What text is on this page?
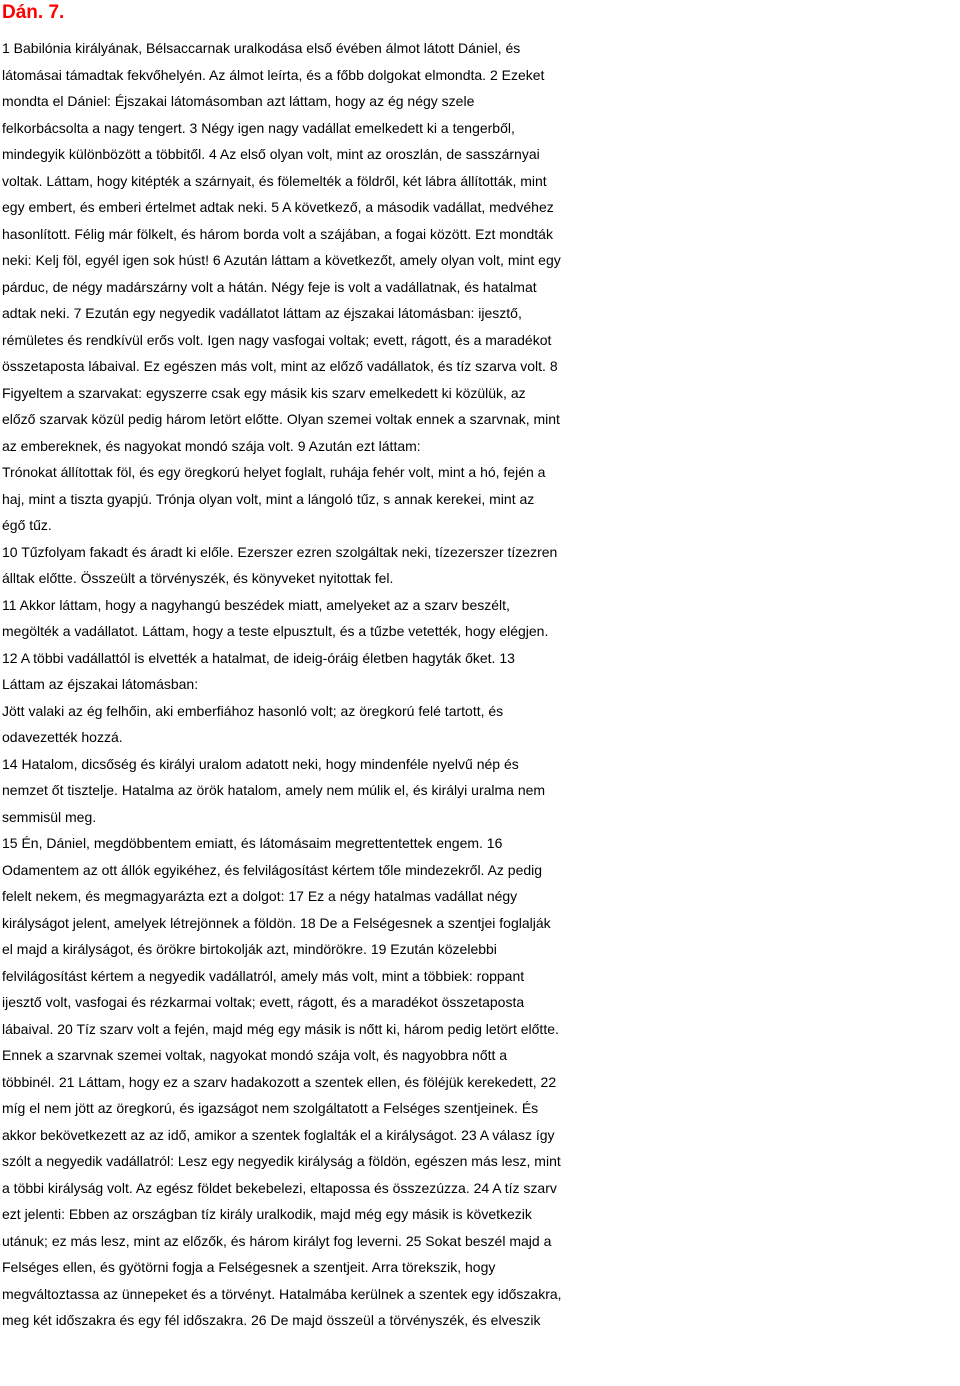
Dán. 7.
1 Babilónia királyának, Bélsaccarnak uralkodása első évében álmot látott Dániel, és
látomásai támadtak fekvőhelyén. Az álmot leírta, és a főbb dolgokat elmondta. 2 Ezeket
mondta el Dániel: Éjszakai látomásomban azt láttam, hogy az ég négy szele
felkorbácsolta a nagy tengert. 3 Négy igen nagy vadállat emelkedett ki a tengerből,
mindegyik különbözött a többitől. 4 Az első olyan volt, mint az oroszlán, de sasszárnyai
voltak. Láttam, hogy kitépték a szárnyait, és fölemelték a földről, két lábra állították, mint
egy embert, és emberi értelmet adtak neki. 5 A következő, a második vadállat, medvéhez
hasonlított. Félig már fölkelt, és három borda volt a szájában, a fogai között. Ezt mondták
neki: Kelj föl, egyél igen sok húst! 6 Azután láttam a következőt, amely olyan volt, mint egy
párduc, de négy madárszárny volt a hátán. Négy feje is volt a vadállatnak, és hatalmat
adtak neki. 7 Ezután egy negyedik vadállatot láttam az éjszakai látomásban: ijesztő,
rémületes és rendkívül erős volt. Igen nagy vasfogai voltak; evett, rágott, és a maradékot
összetaposta lábaival. Ez egészen más volt, mint az előző vadállatok, és tíz szarva volt. 8
Figyeltem a szarvakat: egyszerre csak egy másik kis szarv emelkedett ki közülük, az
előző szarvak közül pedig három letört előtte. Olyan szemei voltak ennek a szarvnak, mint
az embereknek, és nagyokat mondó szája volt. 9 Azután ezt láttam:
Trónokat állítottak föl, és egy öregkorú helyet foglalt, ruhája fehér volt, mint a hó, fején a
haj, mint a tiszta gyapjú. Trónja olyan volt, mint a lángoló tűz, s annak kerekei, mint az
égő tűz.
10 Tűzfolyam fakadt és áradt ki előle. Ezerszer ezren szolgáltak neki, tízezerszer tízezren
álltak előtte. Összeült a törvényszék, és könyveket nyitottak fel.
11 Akkor láttam, hogy a nagyhangú beszédek miatt, amelyeket az a szarv beszélt,
megölték a vadállatot. Láttam, hogy a teste elpusztult, és a tűzbe vetették, hogy elégjen.
12 A többi vadállattól is elvették a hatalmat, de ideig-óráig életben hagyták őket. 13
Láttam az éjszakai látomásban:
Jött valaki az ég felhőin, aki emberfiához hasonló volt; az öregkorú felé tartott, és
odavezették hozzá.
14 Hatalom, dicsőség és királyi uralom adatott neki, hogy mindenféle nyelvű nép és
nemzet őt tisztelje. Hatalma az örök hatalom, amely nem múlik el, és királyi uralma nem
semmisül meg.
15 Én, Dániel, megdöbbentem emiatt, és látomásaim megrettentettek engem. 16
Odamentem az ott állók egyikéhez, és felvilágosítást kértem tőle mindezekről. Az pedig
felelt nekem, és megmagyarázta ezt a dolgot: 17 Ez a négy hatalmas vadállat négy
királyságot jelent, amelyek létrejönnek a földön. 18 De a Felségesnek a szentjei foglalják
el majd a királyságot, és örökre birtokolják azt, mindörökre. 19 Ezután közelebbi
felvilágosítást kértem a negyedik vadállatról, amely más volt, mint a többiek: roppant
ijesztő volt, vasfogai és rézkarmai voltak; evett, rágott, és a maradékot összetaposta
lábaival. 20 Tíz szarv volt a fején, majd még egy másik is nőtt ki, három pedig letört előtte.
Ennek a szarvnak szemei voltak, nagyokat mondó szája volt, és nagyobbra nőtt a
többinél. 21 Láttam, hogy ez a szarv hadakozott a szentek ellen, és föléjük kerekedett, 22
míg el nem jött az öregkorú, és igazságot nem szolgáltatott a Felséges szentjeinek. És
akkor bekövetkezett az az idő, amikor a szentek foglalták el a királyságot. 23 A válasz így
szólt a negyedik vadállatról: Lesz egy negyedik királyság a földön, egészen más lesz, mint
a többi királyság volt. Az egész földet bekebelezi, eltapossa és összezúzza. 24 A tíz szarv
ezt jelenti: Ebben az országban tíz király uralkodik, majd még egy másik is következik
utánuk; ez más lesz, mint az előzők, és három királyt fog leverni. 25 Sokat beszél majd a
Felséges ellen, és gyötörni fogja a Felségesnek a szentjeit. Arra törekszik, hogy
megváltoztassa az ünnepeket és a törvényt. Hatalmába kerülnek a szentek egy időszakra,
meg két időszakra és egy fél időszakra. 26 De majd összeül a törvényszék, és elveszik
